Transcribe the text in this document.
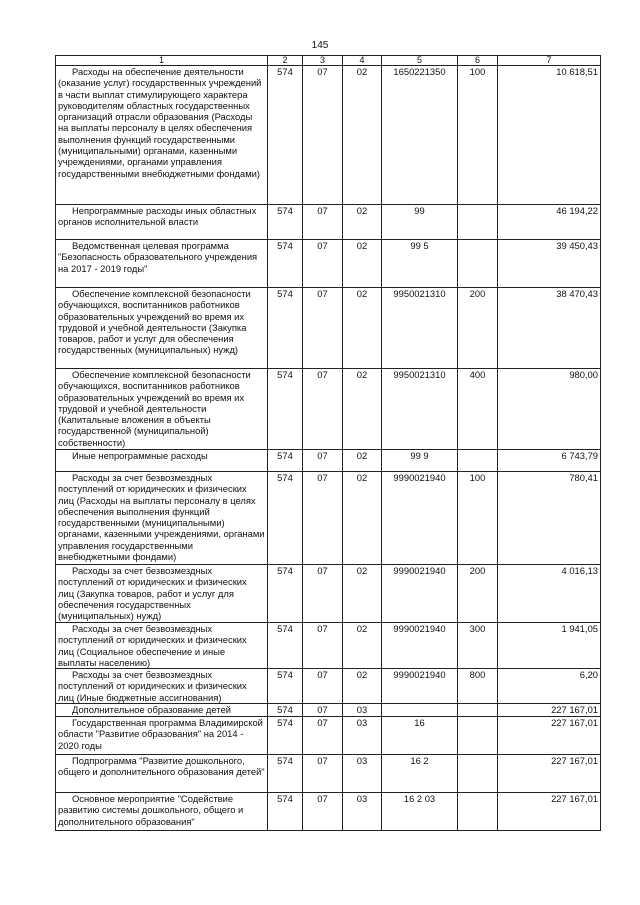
145
1	2	3	4	5	6	7
Расходы на обеспечение деятельности (оказание услуг) государственных учреждений в части выплат стимулирующего характера руководителям областных государственных организаций отрасли образования (Расходы на выплаты персоналу в целях обеспечения выполнения функций государственными (муниципальными) органами, казенными учреждениями, органами управления государственными внебюджетными фондами)	574	07	02	1650221350	100	10 618,51
Непрограммные расходы иных областных органов исполнительной власти	574	07	02	99		46 194,22
Ведомственная целевая программа "Безопасность образовательного учреждения на 2017 - 2019 годы"	574	07	02	99 5		39 450,43
Обеспечение комплексной безопасности обучающихся, воспитанников работников образовательных учреждений во время их трудовой и учебной деятельности (Закупка товаров, работ и услуг для обеспечения государственных (муниципальных) нужд)	574	07	02	9950021310	200	38 470,43
Обеспечение комплексной безопасности обучающихся, воспитанников работников образовательных учреждений во время их трудовой и учебной деятельности (Капитальные вложения в объекты государственной (муниципальной) собственности)	574	07	02	9950021310	400	980,00
Иные непрограммные расходы	574	07	02	99 9		6 743,79
Расходы за счет безвозмездных поступлений от юридических и физических лиц (Расходы на выплаты персоналу в целях обеспечения выполнения функций государственными (муниципальными) органами, казенными учреждениями, органами управления государственными внебюджетными фондами)	574	07	02	9990021940	100	780,41
Расходы за счет безвозмездных поступлений от юридических и физических лиц (Закупка товаров, работ и услуг для обеспечения государственных (муниципальных) нужд)	574	07	02	9990021940	200	4 016,13
Расходы за счет безвозмездных поступлений от юридических и физических лиц (Социальное обеспечение и иные выплаты населению)	574	07	02	9990021940	300	1 941,05
Расходы за счет безвозмездных поступлений от юридических и физических лиц (Иные бюджетные ассигнования)	574	07	02	9990021940	800	6,20
Дополнительное образование детей	574	07	03			227 167,01
Государственная программа Владимирской области "Развитие образования" на 2014 - 2020 годы	574	07	03	16		227 167,01
Подпрограмма "Развитие дошкольного, общего и дополнительного образования детей"	574	07	03	16 2		227 167,01
Основное мероприятие "Содействие развитию системы дошкольного, общего и дополнительного образования"	574	07	03	16 2 03		227 167,01
